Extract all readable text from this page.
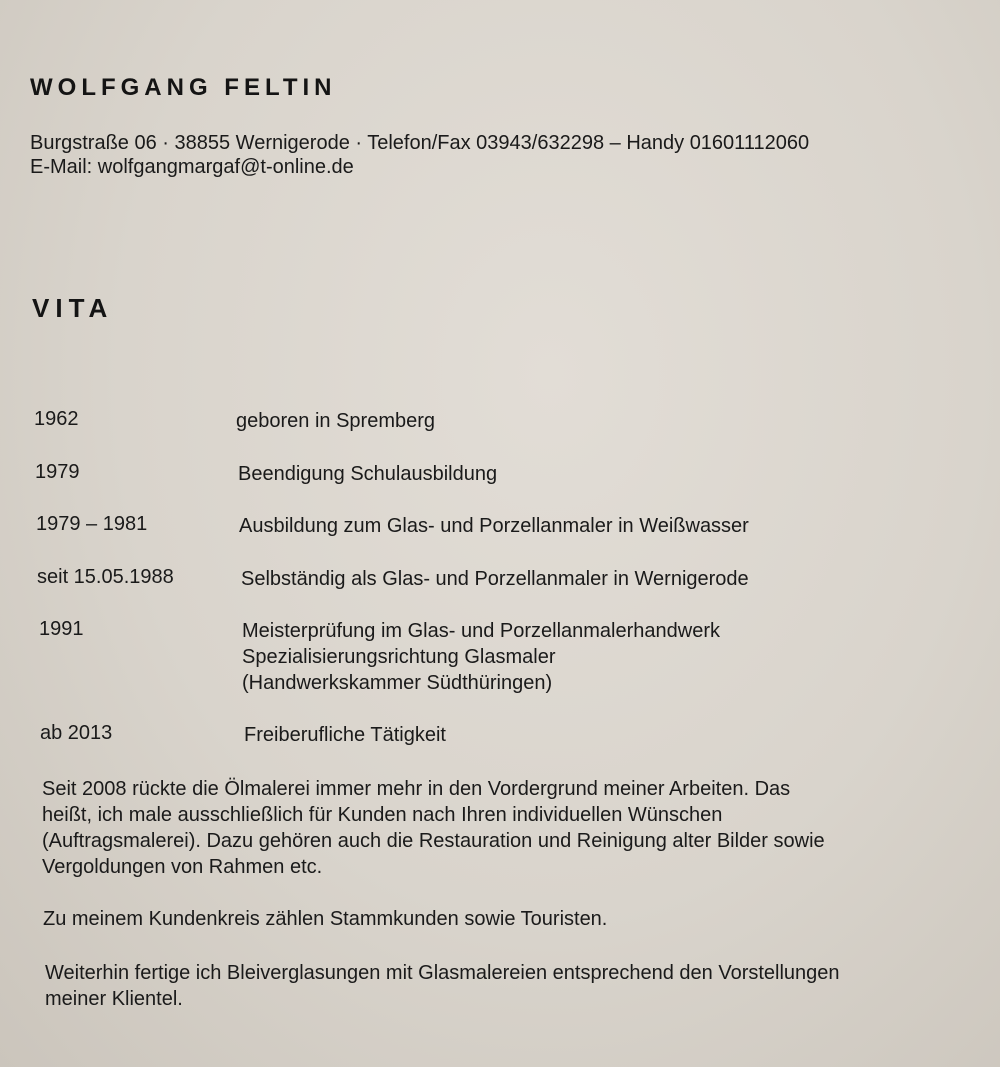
WOLFGANG FELTIN
Burgstraße 06 · 38855 Wernigerode · Telefon/Fax 03943/632298 – Handy 01601112060
E-Mail: wolfgangmargaf@t-online.de
VITA
1962	geboren in Spremberg
1979	Beendigung Schulausbildung
1979 – 1981	Ausbildung zum Glas- und Porzellanmaler in Weißwasser
seit 15.05.1988	Selbständig als Glas- und Porzellanmaler in Wernigerode
1991	Meisterprüfung im Glas- und Porzellanmalerhandwerk
Spezialisierungsrichtung Glasmaler
(Handwerkskammer Südthüringen)
ab 2013	Freiberufliche Tätigkeit
Seit 2008 rückte die Ölmalerei immer mehr in den Vordergrund meiner Arbeiten. Das
heißt, ich male ausschließlich für Kunden nach Ihren individuellen Wünschen
(Auftragsmalerei). Dazu gehören auch die Restauration und Reinigung alter Bilder sowie
Vergoldungen von Rahmen etc.
Zu meinem Kundenkreis zählen Stammkunden sowie Touristen.
Weiterhin fertige ich Bleiverglasungen mit Glasmalereien entsprechend den Vorstellungen
meiner Klientel.
